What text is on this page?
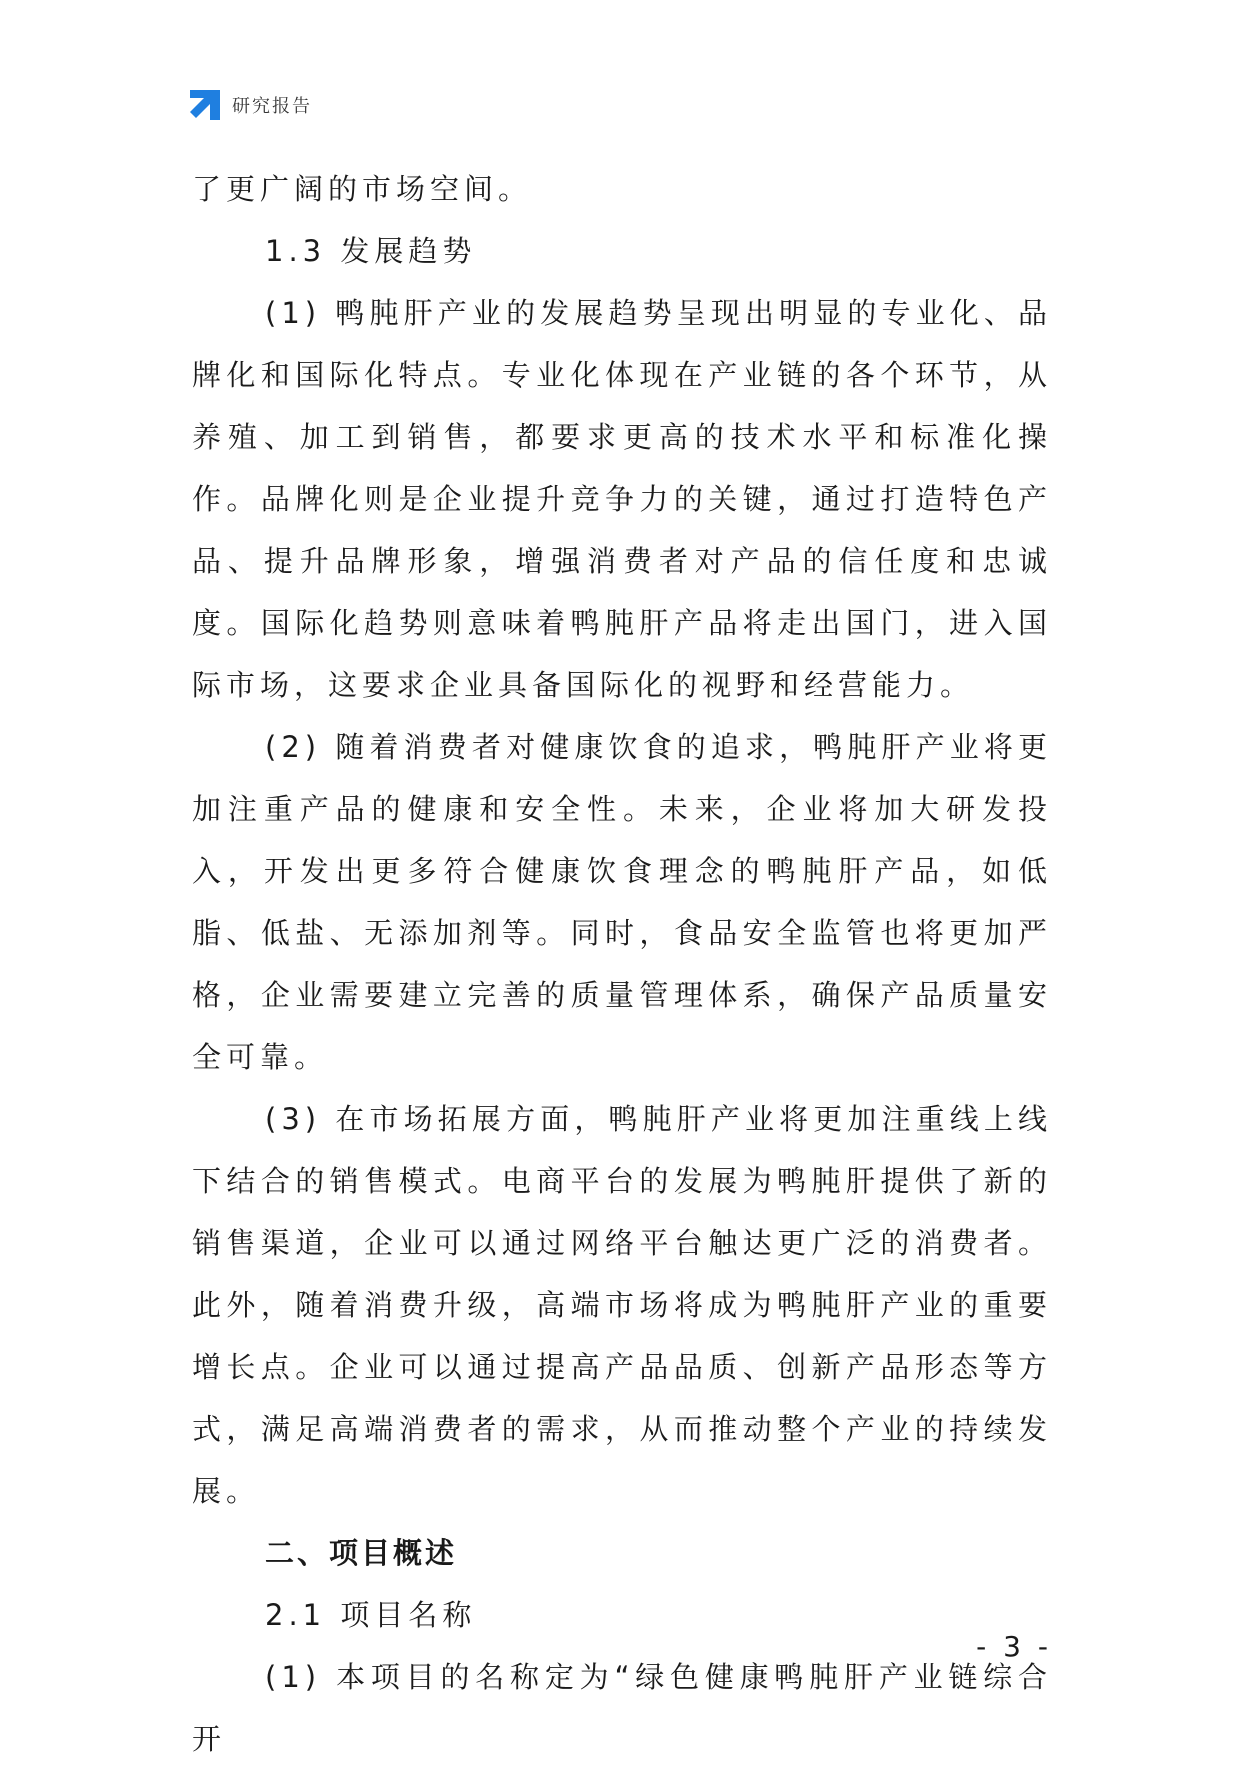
研究报告

了更广阔的市场空间。

1.3 发展趋势

(1) 鸭肫肝产业的发展趋势呈现出明显的专业化、品牌化和国际化特点。专业化体现在产业链的各个环节，从养殖、加工到销售，都要求更高的技术水平和标准化操作。品牌化则是企业提升竞争力的关键，通过打造特色产品、提升品牌形象，增强消费者对产品的信任度和忠诚度。国际化趋势则意味着鸭肫肝产品将走出国门，进入国际市场，这要求企业具备国际化的视野和经营能力。

(2) 随着消费者对健康饮食的追求，鸭肫肝产业将更加注重产品的健康和安全性。未来，企业将加大研发投入，开发出更多符合健康饮食理念的鸭肫肝产品，如低脂、低盐、无添加剂等。同时，食品安全监管也将更加严格，企业需要建立完善的质量管理体系，确保产品质量安全可靠。

(3) 在市场拓展方面，鸭肫肝产业将更加注重线上线下结合的销售模式。电商平台的发展为鸭肫肝提供了新的销售渠道，企业可以通过网络平台触达更广泛的消费者。此外，随着消费升级，高端市场将成为鸭肫肝产业的重要增长点。企业可以通过提高产品品质、创新产品形态等方式，满足高端消费者的需求，从而推动整个产业的持续发展。

二、项目概述

2.1 项目名称

(1) 本项目的名称定为“绿色健康鸭肫肝产业链综合开

- 3 -
